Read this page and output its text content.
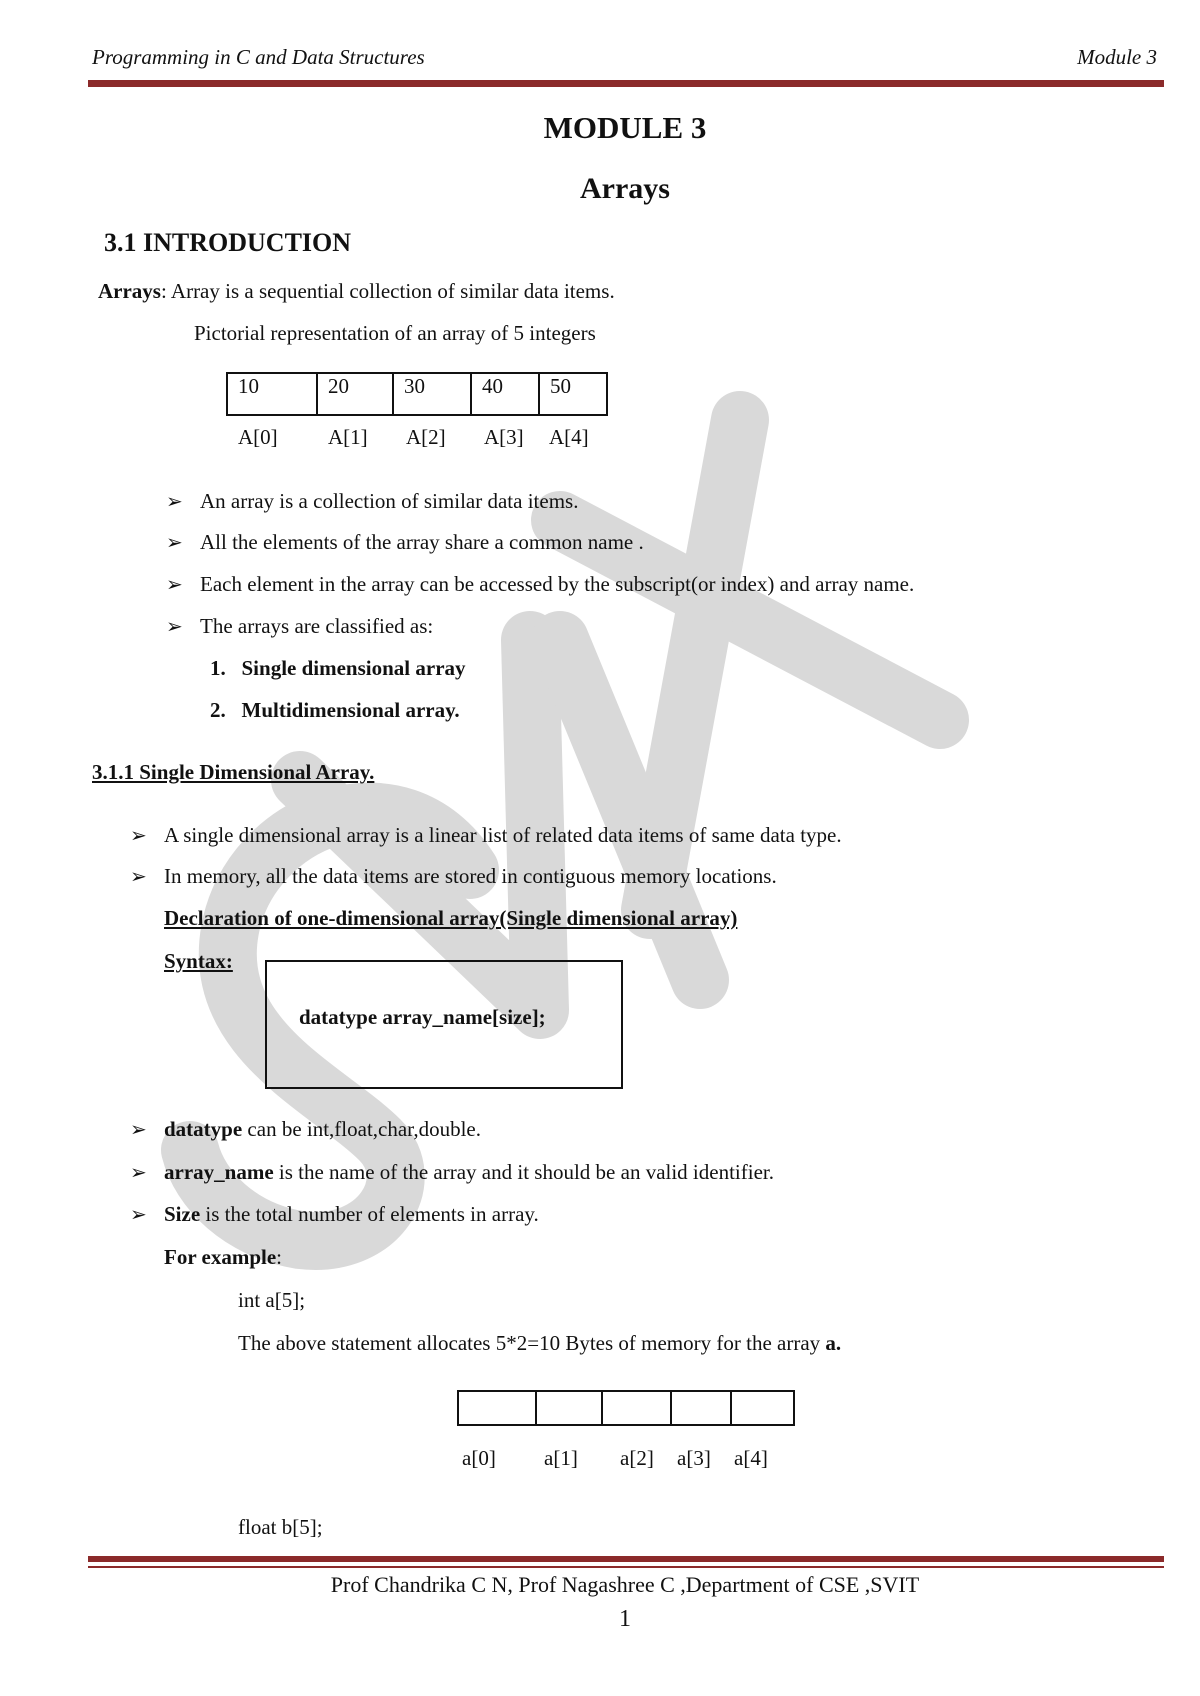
Programming in C and Data Structures	Module 3
MODULE 3
Arrays
3.1 INTRODUCTION
Arrays: Array is a sequential collection of similar data items.
Pictorial representation of an array of 5 integers
10	20	30	40	50
A[0] A[1] A[2] A[3] A[4]
➢ An array is a collection of similar data items.
➢ All the elements of the array share a common name .
➢ Each element in the array can be accessed by the subscript(or index) and array name.
➢ The arrays are classified as:
1. Single dimensional array
2. Multidimensional array.
3.1.1 Single Dimensional Array.
➢ A single dimensional array is a linear list of related data items of same data type.
➢ In memory, all the data items are stored in contiguous memory locations.
Declaration of one-dimensional array(Single dimensional array)
Syntax:
datatype array_name[size];
➢ datatype can be int,float,char,double.
➢ array_name is the name of the array and it should be an valid identifier.
➢ Size is the total number of elements in array.
For example:
int a[5];
The above statement allocates 5*2=10 Bytes of memory for the array a.
a[0] a[1] a[2] a[3] a[4]
float b[5];
Prof Chandrika C N, Prof Nagashree C ,Department of CSE ,SVIT
1
